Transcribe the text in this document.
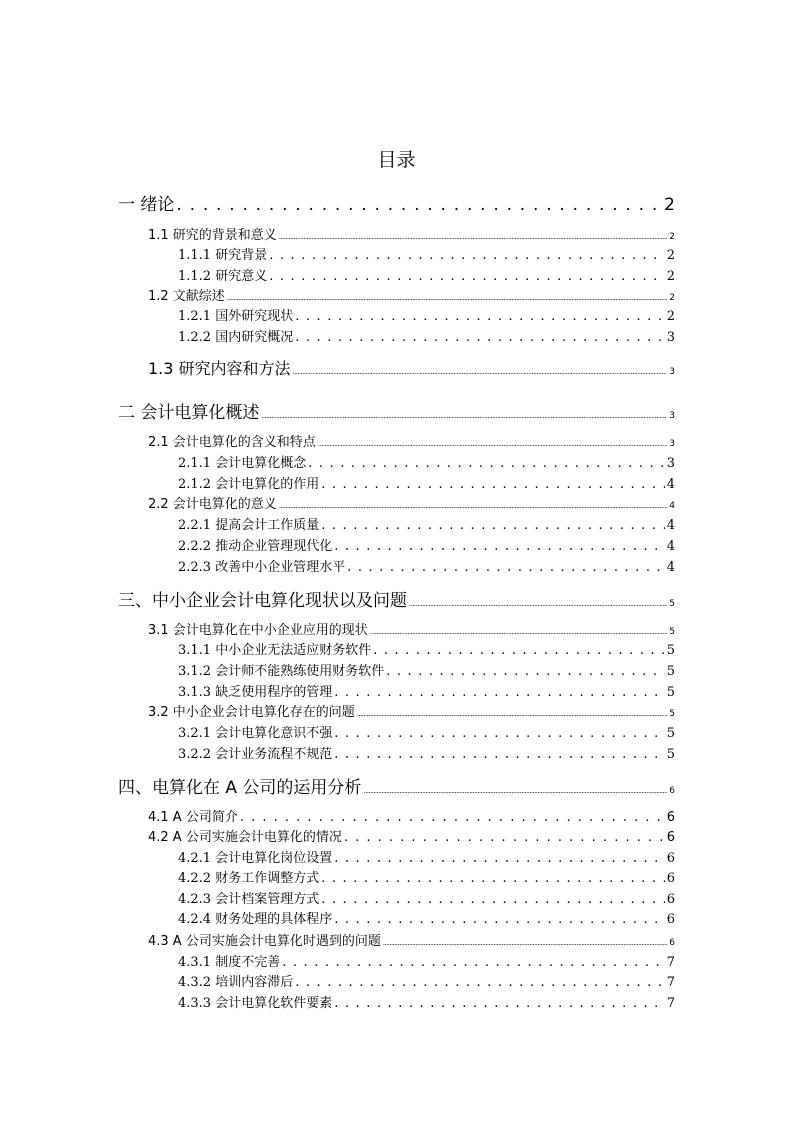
目录
一 绪论 . . .	2
1.1 研究的背景和意义 .....	2
1.1.1 研究背景 . . .	2
1.1.2 研究意义 . . .	2
1.2 文献综述 .....	2
1.2.1 国外研究现状 . . .	2
1.2.2 国内研究概况 . . .	3
1.3 研究内容和方法 .....	3
二 会计电算化概述 .....	3
2.1 会计电算化的含义和特点 .....	3
2.1.1 会计电算化概念 . . .	3
2.1.2 会计电算化的作用 . . .	4
2.2 会计电算化的意义 .....	4
2.2.1 提高会计工作质量 . . .	4
2.2.2 推动企业管理现代化 . . .	4
2.2.3 改善中小企业管理水平 . . .	4
三、中小企业会计电算化现状以及问题 .....	5
3.1 会计电算化在中小企业应用的现状 .....	5
3.1.1 中小企业无法适应财务软件 . . .	5
3.1.2 会计师不能熟练使用财务软件 . . .	5
3.1.3 缺乏使用程序的管理 . . .	5
3.2 中小企业会计电算化存在的问题 .....	5
3.2.1 会计电算化意识不强 . . .	5
3.2.2 会计业务流程不规范 . . .	5
四、电算化在 A 公司的运用分析 .....	6
4.1 A 公司简介 . . .	6
4.2 A 公司实施会计电算化的情况 . . .	6
4.2.1 会计电算化岗位设置 . . .	6
4.2.2 财务工作调整方式 . . .	6
4.2.3 会计档案管理方式 . . .	6
4.2.4 财务处理的具体程序 . . .	6
4.3 A 公司实施会计电算化时遇到的问题 .....	6
4.3.1 制度不完善 . . .	7
4.3.2 培训内容滞后 . . .	7
4.3.3 会计电算化软件要素 . . .	7
